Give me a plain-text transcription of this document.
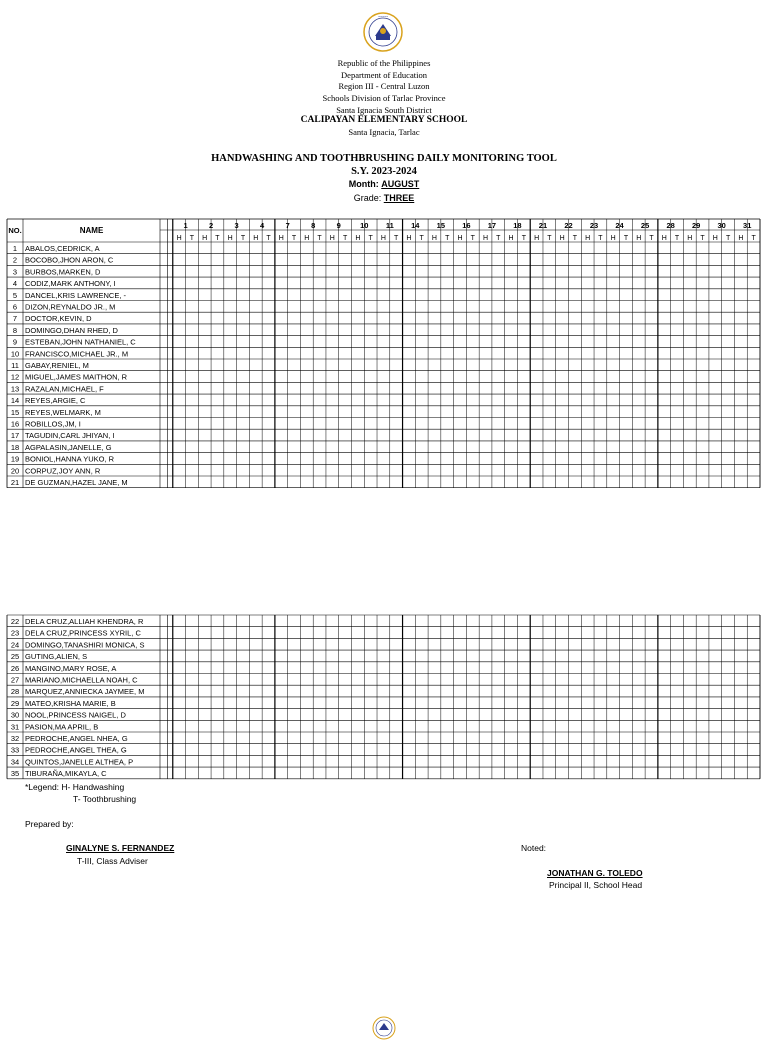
• • • • •
Republic of the Philippines
Department of Education
Region III - Central Luzon
Schools Division of Tarlac Province
Santa Ignacia South District
CALIPAYAN ELEMENTARY SCHOOL
Santa Ignacia, Tarlac
HANDWASHING AND TOOTHBRUSHING DAILY MONITORING TOOL
S.Y. 2023-2024
Month: AUGUST
Grade: THREE
NO.	NAME
1
H T
2
H T
3
H T
4
H T
7
H T
8
H T
9
H T
10
H T
11
H T
14
H T
15
H T
16
H T
17
H T
18
H T
21
H T
22
H T
23
H T
24
H T
25
H T
28
H T
29
H T
30
H T
31
H T
1 ABALOS,CEDRICK, A
2 BOCOBO,JHON ARON, C
3 BURBOS,MARKEN, D
4 CODIZ,MARK ANTHONY, I
5 DANCEL,KRIS LAWRENCE, -
6 DIZON,REYNALDO JR., M
7 DOCTOR,KEVIN, D
8 DOMINGO,DHAN RHED, D
9 ESTEBAN,JOHN NATHANIEL, C
10 FRANCISCO,MICHAEL JR., M
11 GABAY,RENIEL, M
12 MIGUEL,JAMES MAITHON, R
13 RAZALAN,MICHAEL, F
14 REYES,ARGIE, C
15 REYES,WELMARK, M
16 ROBILLOS,JM, I
17 TAGUDIN,CARL JHIYAN, I
18 AGPALASIN,JANELLE, G
19 BONIOL,HANNA YUKO, R
20 CORPUZ,JOY ANN, R
21 DE GUZMAN,HAZEL JANE, M
22 DELA CRUZ,ALLIAH KHENDRA, R
23 DELA CRUZ,PRINCESS XYRIL, C
24 DOMINGO,TANASHIRI MONICA, S
25 GUTING,ALIEN, S
26 MANGINO,MARY ROSE, A
27 MARIANO,MICHAELLA NOAH, C
28 MARQUEZ,ANNIECKA JAYMEE, M
29 MATEO,KRISHA MARIE, B
30 NOOL,PRINCESS NAIGEL, D
31 PASION,MA APRIL, B
32 PEDROCHE,ANGEL NHEA, G
33 PEDROCHE,ANGEL THEA, G
34 QUINTOS,JANELLE ALTHEA, P
35 TIBURAÑA,MIKAYLA, C
*Legend: H- Handwashing
T- Toothbrushing
Prepared by:
GINALYNE S. FERNANDEZ
T-III, Class Adviser
Noted:
JONATHAN G. TOLEDO
Principal II, School Head
